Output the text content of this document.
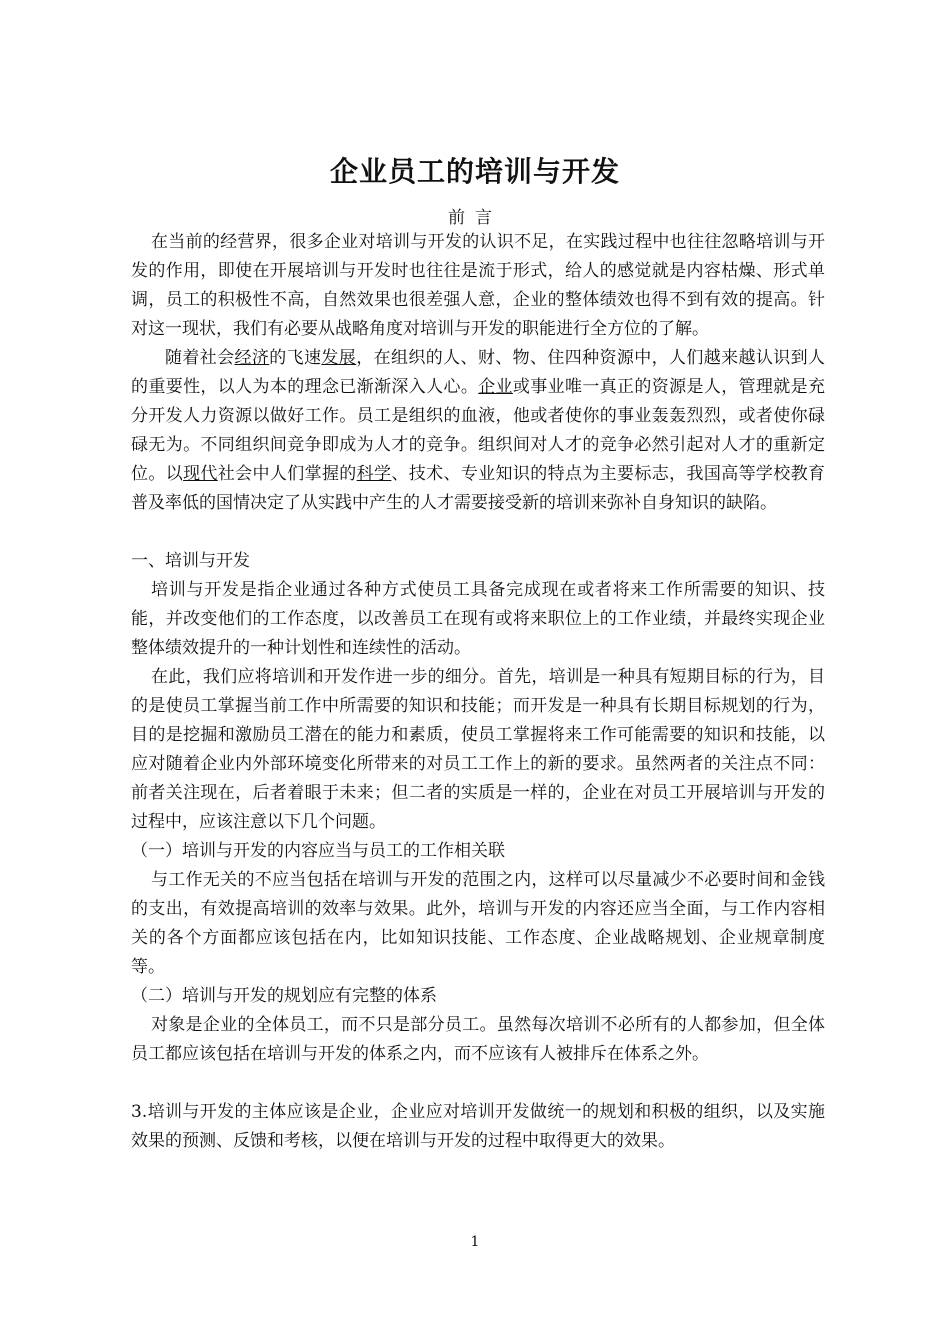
企业员工的培训与开发
前言

在当前的经营界，很多企业对培训与开发的认识不足，在实践过程中也往往忽略培训与开发的作用，即使在开展培训与开发时也往往是流于形式，给人的感觉就是内容枯燥、形式单调，员工的积极性不高，自然效果也很差强人意，企业的整体绩效也得不到有效的提高。针对这一现状，我们有必要从战略角度对培训与开发的职能进行全方位的了解。

随着社会经济的飞速发展，在组织的人、财、物、住四种资源中，人们越来越认识到人的重要性，以人为本的理念已渐渐深入人心。企业或事业唯一真正的资源是人，管理就是充分开发人力资源以做好工作。员工是组织的血液，他或者使你的事业轰轰烈烈，或者使你碌碌无为。不同组织间竞争即成为人才的竞争。组织间对人才的竞争必然引起对人才的重新定位。以现代社会中人们掌握的科学、技术、专业知识的特点为主要标志，我国高等学校教育普及率低的国情决定了从实践中产生的人才需要接受新的培训来弥补自身知识的缺陷。

一、培训与开发

培训与开发是指企业通过各种方式使员工具备完成现在或者将来工作所需要的知识、技能，并改变他们的工作态度，以改善员工在现有或将来职位上的工作业绩，并最终实现企业整体绩效提升的一种计划性和连续性的活动。

在此，我们应将培训和开发作进一步的细分。首先，培训是一种具有短期目标的行为，目的是使员工掌握当前工作中所需要的知识和技能；而开发是一种具有长期目标规划的行为，目的是挖掘和激励员工潜在的能力和素质，使员工掌握将来工作可能需要的知识和技能，以应对随着企业内外部环境变化所带来的对员工工作上的新的要求。虽然两者的关注点不同：前者关注现在，后者着眼于未来；但二者的实质是一样的，企业在对员工开展培训与开发的过程中，应该注意以下几个问题。

（一）培训与开发的内容应当与员工的工作相关联

与工作无关的不应当包括在培训与开发的范围之内，这样可以尽量减少不必要时间和金钱的支出，有效提高培训的效率与效果。此外，培训与开发的内容还应当全面，与工作内容相关的各个方面都应该包括在内，比如知识技能、工作态度、企业战略规划、企业规章制度等。

（二）培训与开发的规划应有完整的体系

对象是企业的全体员工，而不只是部分员工。虽然每次培训不必所有的人都参加，但全体员工都应该包括在培训与开发的体系之内，而不应该有人被排斥在体系之外。

3.培训与开发的主体应该是企业，企业应对培训开发做统一的规划和积极的组织，以及实施效果的预测、反馈和考核，以便在培训与开发的过程中取得更大的效果。

1
